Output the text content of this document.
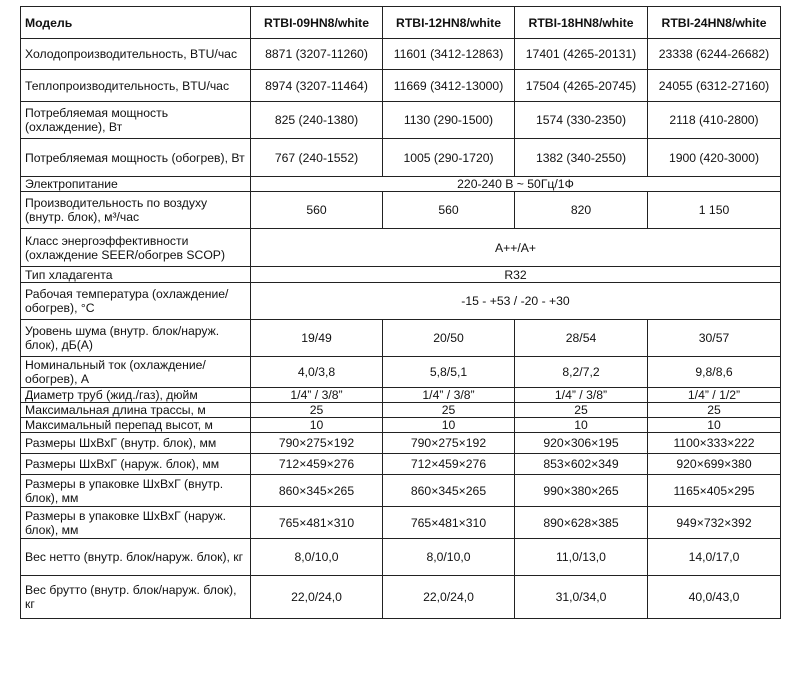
Модель	RTBI-09HN8/white	RTBI-12HN8/white	RTBI-18HN8/white	RTBI-24HN8/white
Холодопроизводительность, BTU/час	8871 (3207-11260)	11601 (3412-12863)	17401 (4265-20131)	23338 (6244-26682)
Теплопроизводительность, BTU/час	8974 (3207-11464)	11669 (3412-13000)	17504 (4265-20745)	24055 (6312-27160)
Потребляемая мощность (охлаждение), Вт	825 (240-1380)	1130 (290-1500)	1574 (330-2350)	2118 (410-2800)
Потребляемая мощность (обогрев), Вт	767 (240-1552)	1005 (290-1720)	1382 (340-2550)	1900 (420-3000)
Электропитание	220-240 В ~ 50Гц/1Ф			
Производительность по воздуху (внутр. блок), м³/час	560	560	820	1 150
Класс энергоэффективности (охлаждение SEER/обогрев SCOP)	A++/A+			
Тип хладагента	R32			
Рабочая температура (охлаждение/обогрев), °С	-15 - +53 / -20 - +30			
Уровень шума (внутр. блок/наруж. блок), дБ(А)	19/49	20/50	28/54	30/57
Номинальный ток (охлаждение/обогрев), А	4,0/3,8	5,8/5,1	8,2/7,2	9,8/8,6
Диаметр труб (жид./газ), дюйм	1/4” / 3/8”	1/4” / 3/8”	1/4” / 3/8”	1/4” / 1/2”
Максимальная длина трассы, м	25	25	25	25
Максимальный перепад высот, м	10	10	10	10
Размеры ШхВхГ (внутр. блок), мм	790×275×192	790×275×192	920×306×195	1100×333×222
Размеры ШхВхГ (наруж. блок), мм	712×459×276	712×459×276	853×602×349	920×699×380
Размеры в упаковке ШхВхГ (внутр. блок), мм	860×345×265	860×345×265	990×380×265	1165×405×295
Размеры в упаковке ШхВхГ (наруж. блок), мм	765×481×310	765×481×310	890×628×385	949×732×392
Вес нетто (внутр. блок/наруж. блок), кг	8,0/10,0	8,0/10,0	11,0/13,0	14,0/17,0
Вес брутто (внутр. блок/наруж. блок), кг	22,0/24,0	22,0/24,0	31,0/34,0	40,0/43,0
